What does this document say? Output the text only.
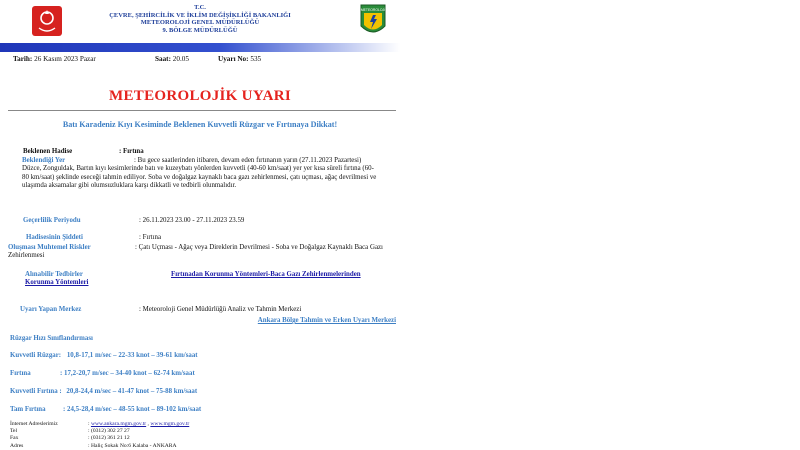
T.C.
ÇEVRE, ŞEHİRCİLİK VE İKLİM DEĞİŞİKLİĞİ BAKANLIĞI
METEOROLOJİ GENEL MÜDÜRLÜĞÜ
9. BÖLGE MÜDÜRLÜĞÜ
METEOROLOJİ
Tarih: 26 Kasım 2023 Pazar	Saat: 20.05	Uyarı No: 535
METEOROLOJİK UYARI
Batı Karadeniz Kıyı Kesiminde Beklenen Kuvvetli Rüzgar ve Fırtınaya Dikkat!
Beklenen Hadise	: Fırtına
Beklendiği Yer	: Bu gece saatlerinden itibaren, devam eden fırtınanın yarın (27.11.2023 Pazartesi) Düzce, Zonguldak, Bartın kıyı kesimlerinde batı ve kuzeybatı yönlerden kuvvetli (40-60 km/saat) yer yer kısa süreli fırtına (60-80 km/saat) şeklinde eseceği tahmin ediliyor. Soba ve doğalgaz kaynaklı baca gazı zehirlenmesi, çatı uçması, ağaç devrilmesi ve ulaşımda aksamalar gibi olumsuzluklara karşı dikkatli ve tedbirli olunmalıdır.
Geçerlilik Periyodu	: 26.11.2023 23.00 - 27.11.2023 23.59
Hadisesinin Şiddeti	: Fırtına
Oluşması Muhtemel Riskler	: Çatı Uçması - Ağaç veya Direklerin Devrilmesi - Soba ve Doğalgaz Kaynaklı Baca Gazı Zehirlenmesi
Alınabilir Tedbirler	Fırtınadan Korunma Yöntemleri-Baca Gazı Zehirlenmelerinden Korunma Yöntemleri
Uyarı Yapan Merkez	: Meteoroloji Genel Müdürlüğü Analiz ve Tahmin Merkezi
Ankara Bölge Tahmin ve Erken Uyarı Merkezi
Rüzgar Hızı Sınıflandırması
Kuvvetli Rüzgar: 10,8-17,1 m/sec – 22-33 knot – 39-61 km/saat
Fırtına	: 17,2-20,7 m/sec – 34-40 knot – 62-74 km/saat
Kuvvetli Fırtına : 20,8-24,4 m/sec – 41-47 knot – 75-88 km/saat
Tam Fırtına	: 24,5-28,4 m/sec – 48-55 knot – 89-102 km/saat
İnternet Adreslerimiz	: www.ankara.mgm.gov.tr , www.mgm.gov.tr
Tel	: (0312) 302 27 27
Fax	: (0312) 361 21 12
Adres	: Haliç Sokak No:6 Kalaba - ANKARA
